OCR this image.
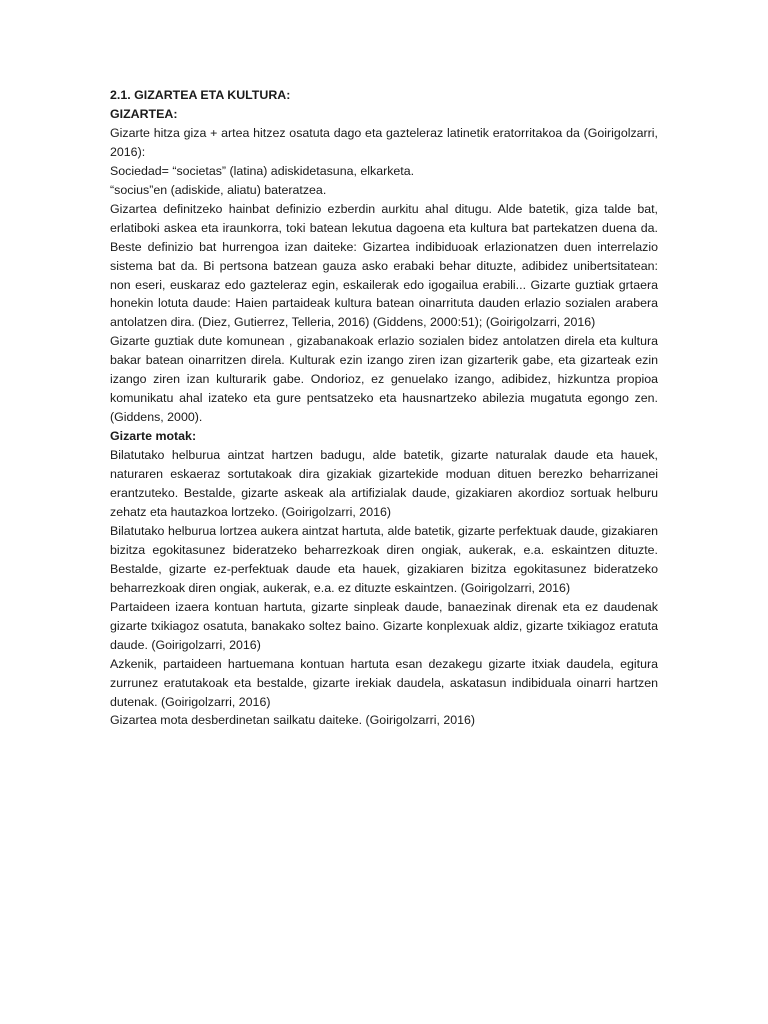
2.1. GIZARTEA ETA KULTURA:

GIZARTEA:

Gizarte hitza giza + artea hitzez osatuta dago eta gazteleraz latinetik eratorritakoa da (Goirigolzarri, 2016):

Sociedad= “societas” (latina) adiskidetasuna, elkarketa.

“socius”en (adiskide, aliatu) bateratzea.

Gizartea definitzeko hainbat definizio ezberdin aurkitu ahal ditugu. Alde batetik, giza talde bat, erlatiboki askea eta iraunkorra, toki batean lekutua dagoena eta kultura bat partekatzen duena da. Beste definizio bat hurrengoa izan daiteke: Gizartea indibiduoak erlazionatzen duen interrelazio sistema bat da. Bi pertsona batzean gauza asko erabaki behar dituzte, adibidez unibertsitatean: non eseri, euskaraz edo gazteleraz egin, eskailerak edo igogailua erabili... Gizarte guztiak grtaera honekin lotuta daude: Haien partaideak kultura batean oinarrituta dauden erlazio sozialen arabera antolatzen dira. (Diez, Gutierrez, Telleria, 2016) (Giddens, 2000:51); (Goirigolzarri, 2016)

Gizarte guztiak dute komunean , gizabanakoak erlazio sozialen bidez antolatzen direla eta kultura bakar batean oinarritzen direla. Kulturak ezin izango ziren izan gizarterik gabe, eta gizarteak ezin izango ziren izan kulturarik gabe. Ondorioz, ez genuelako izango, adibidez, hizkuntza propioa komunikatu ahal izateko eta gure pentsatzeko eta hausnartzeko abilezia mugatuta egongo zen. (Giddens, 2000).

Gizarte motak:

Bilatutako helburua aintzat hartzen badugu, alde batetik, gizarte naturalak daude eta hauek, naturaren eskaeraz sortutakoak dira gizakiak gizartekide moduan dituen berezko beharrizanei erantzuteko. Bestalde, gizarte askeak ala artifizialak daude, gizakiaren akordioz sortuak helburu zehatz eta hautazkoa lortzeko. (Goirigolzarri, 2016)

Bilatutako helburua lortzea aukera aintzat hartuta, alde batetik, gizarte perfektuak daude, gizakiaren bizitza egokitasunez bideratzeko beharrezkoak diren ongiak, aukerak, e.a. eskaintzen dituzte. Bestalde, gizarte ez-perfektuak daude eta hauek, gizakiaren bizitza egokitasunez bideratzeko beharrezkoak diren ongiak, aukerak, e.a. ez dituzte eskaintzen. (Goirigolzarri, 2016)

Partaideen izaera kontuan hartuta, gizarte sinpleak daude, banaezinak direnak eta ez daudenak gizarte txikiagoz osatuta, banakako soltez baino. Gizarte konplexuak aldiz, gizarte txikiagoz eratuta daude. (Goirigolzarri, 2016)

Azkenik, partaideen hartuemana kontuan hartuta esan dezakegu gizarte itxiak daudela, egitura zurrunez eratutakoak eta bestalde, gizarte irekiak daudela, askatasun indibiduala oinarri hartzen dutenak. (Goirigolzarri, 2016)

Gizartea mota desberdinetan sailkatu daiteke. (Goirigolzarri, 2016)
